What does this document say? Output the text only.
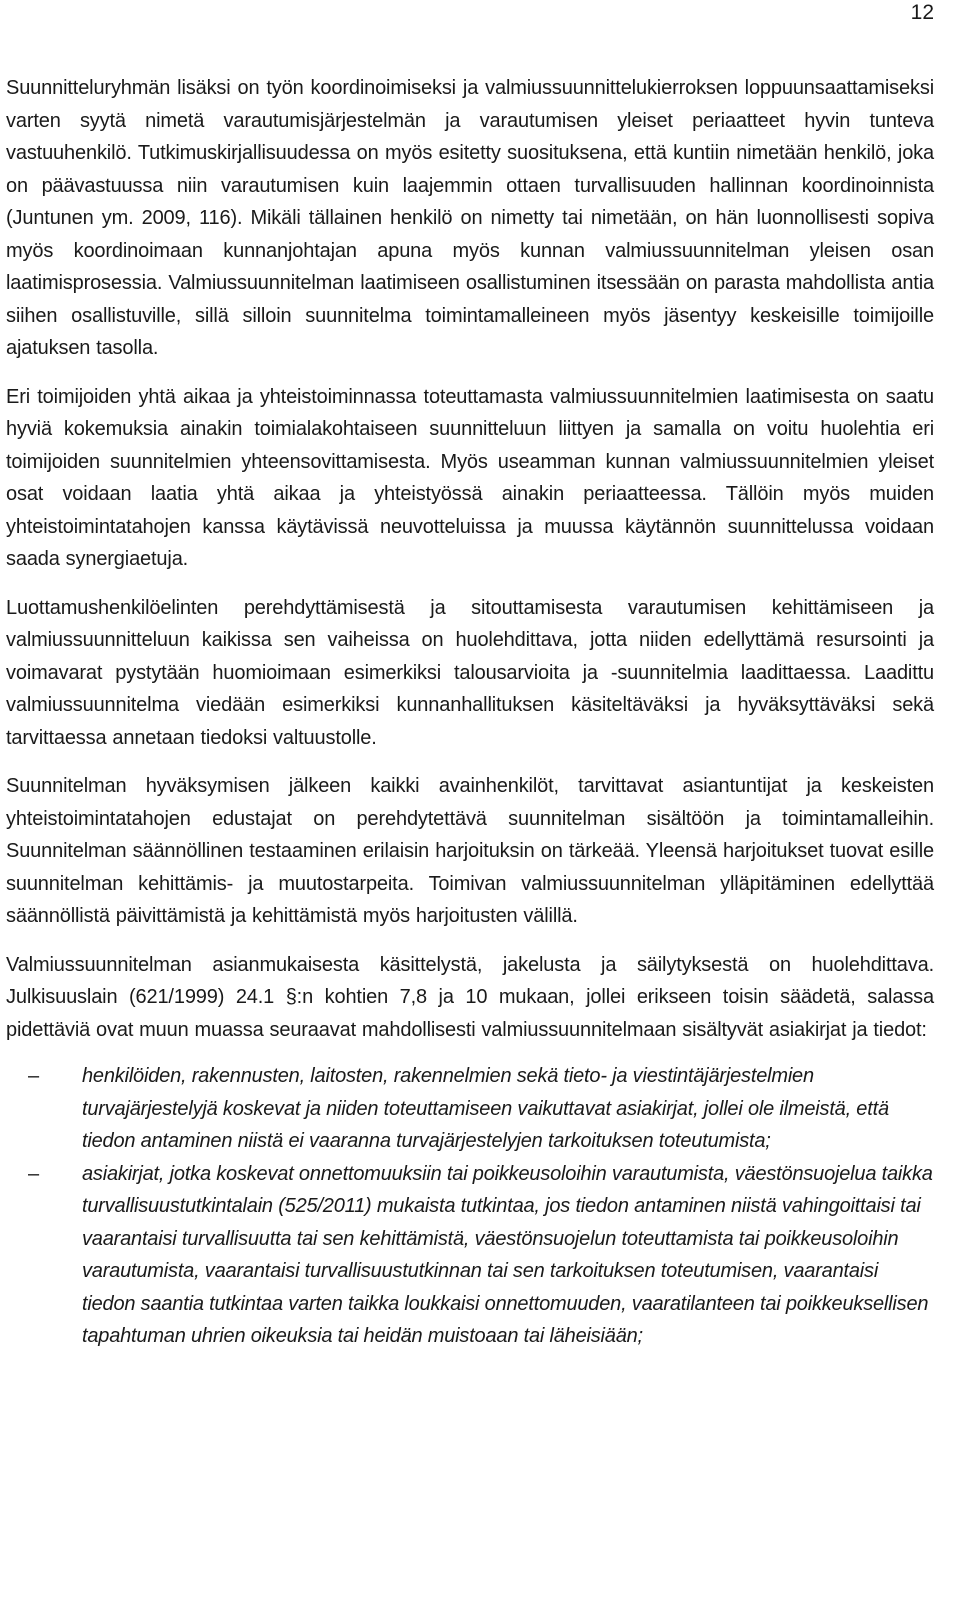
12

Suunnitteluryhmän lisäksi on työn koordinoimiseksi ja valmiussuunnittelukierroksen loppuunsaattamiseksi varten syytä nimetä varautumisjärjestelmän ja varautumisen yleiset periaatteet hyvin tunteva vastuuhenkilö. Tutkimuskirjallisuudessa on myös esitetty suosituksena, että kuntiin nimetään henkilö, joka on päävastuussa niin varautumisen kuin laajemmin ottaen turvallisuuden hallinnan koordinoinnista (Juntunen ym. 2009, 116). Mikäli tällainen henkilö on nimetty tai nimetään, on hän luonnollisesti sopiva myös koordinoimaan kunnanjohtajan apuna myös kunnan valmiussuunnitelman yleisen osan laatimisprosessia. Valmiussuunnitelman laatimiseen osallistuminen itsessään on parasta mahdollista antia siihen osallistuville, sillä silloin suunnitelma toimintamalleineen myös jäsentyy keskeisille toimijoille ajatuksen tasolla.

Eri toimijoiden yhtä aikaa ja yhteistoiminnassa toteuttamasta valmiussuunnitelmien laatimisesta on saatu hyviä kokemuksia ainakin toimialakohtaiseen suunnitteluun liittyen ja samalla on voitu huolehtia eri toimijoiden suunnitelmien yhteensovittamisesta. Myös useamman kunnan valmiussuunnitelmien yleiset osat voidaan laatia yhtä aikaa ja yhteistyössä ainakin periaatteessa. Tällöin myös muiden yhteistoimintatahojen kanssa käytävissä neuvotteluissa ja muussa käytännön suunnittelussa voidaan saada synergiaetuja.

Luottamushenkilöelinten perehdyttämisestä ja sitouttamisesta varautumisen kehittämiseen ja valmiussuunnitteluun kaikissa sen vaiheissa on huolehdittava, jotta niiden edellyttämä resursointi ja voimavarat pystytään huomioimaan esimerkiksi talousarvioita ja -suunnitelmia laadittaessa. Laadittu valmiussuunnitelma viedään esimerkiksi kunnanhallituksen käsiteltäväksi ja hyväksyttäväksi sekä tarvittaessa annetaan tiedoksi valtuustolle.

Suunnitelman hyväksymisen jälkeen kaikki avainhenkilöt, tarvittavat asiantuntijat ja keskeisten yhteistoimintatahojen edustajat on perehdytettävä suunnitelman sisältöön ja toimintamalleihin. Suunnitelman säännöllinen testaaminen erilaisin harjoituksin on tärkeää. Yleensä harjoitukset tuovat esille suunnitelman kehittämis- ja muutostarpeita. Toimivan valmiussuunnitelman ylläpitäminen edellyttää säännöllistä päivittämistä ja kehittämistä myös harjoitusten välillä.

Valmiussuunnitelman asianmukaisesta käsittelystä, jakelusta ja säilytyksestä on huolehdittava. Julkisuuslain (621/1999) 24.1 §:n kohtien 7,8 ja 10 mukaan, jollei erikseen toisin säädetä, salassa pidettäviä ovat muun muassa seuraavat mahdollisesti valmiussuunnitelmaan sisältyvät asiakirjat ja tiedot:

– henkilöiden, rakennusten, laitosten, rakennelmien sekä tieto- ja viestintäjärjestelmien turvajärjestelyjä koskevat ja niiden toteuttamiseen vaikuttavat asiakirjat, jollei ole ilmeistä, että tiedon antaminen niistä ei vaaranna turvajärjestelyjen tarkoituksen toteutumista;
– asiakirjat, jotka koskevat onnettomuuksiin tai poikkeusoloihin varautumista, väestönsuojelua taikka turvallisuustutkintalain (525/2011) mukaista tutkintaa, jos tiedon antaminen niistä vahingoittaisi tai vaarantaisi turvallisuutta tai sen kehittämistä, väestönsuojelun toteuttamista tai poikkeusoloihin varautumista, vaarantaisi turvallisuustutkinnan tai sen tarkoituksen toteutumisen, vaarantaisi tiedon saantia tutkintaa varten taikka loukkaisi onnettomuuden, vaaratilanteen tai poikkeuksellisen tapahtuman uhrien oikeuksia tai heidän muistoaan tai läheisiään;
